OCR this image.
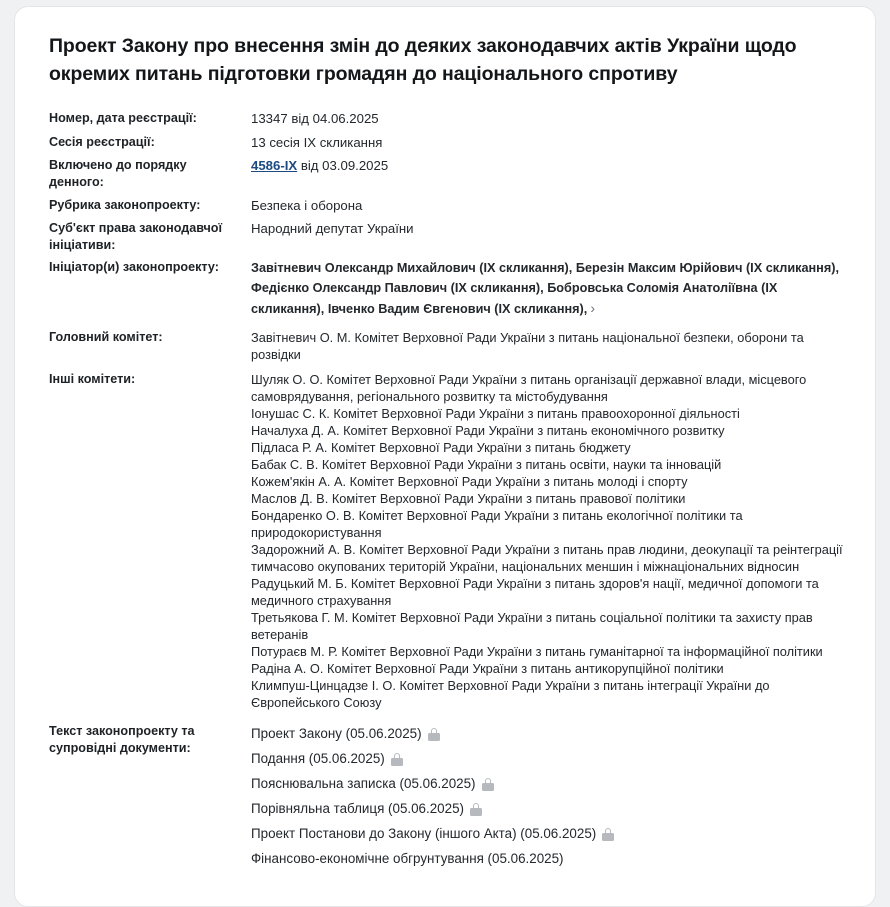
Проект Закону про внесення змін до деяких законодавчих актів України щодо окремих питань підготовки громадян до національного спротиву
Номер, дата реєстрації:	13347 від 04.06.2025
Сесія реєстрації:	13 сесія IX скликання
Включено до порядку денного:
4586-IX від 03.09.2025
Рубрика законопроекту:	Безпека і оборона
Суб'єкт права законодавчої ініціативи:
Народний депутат України
Ініціатор(и) законопроекту:	Завітневич Олександр Михайлович (IX скликання), Березін Максим Юрійович (IX скликання), Федієнко Олександр Павлович (IX скликання), Бобровська Соломія Анатоліївна (IX скликання), Івченко Вадим Євгенович (IX скликання), ›
Головний комітет:	Завітневич О. М. Комітет Верховної Ради України з питань національної безпеки, оборони та розвідки
Інші комітети:	Шуляк О. О. Комітет Верховної Ради України з питань організації державної влади, місцевого самоврядування, регіонального розвитку та містобудування
Іонушас С. К. Комітет Верховної Ради України з питань правоохоронної діяльності
Началуха Д. А. Комітет Верховної Ради України з питань економічного розвитку
Підласа Р. А. Комітет Верховної Ради України з питань бюджету
Бабак С. В. Комітет Верховної Ради України з питань освіти, науки та інновацій
Кожем'якін А. А. Комітет Верховної Ради України з питань молоді і спорту
Маслов Д. В. Комітет Верховної Ради України з питань правової політики
Бондаренко О. В. Комітет Верховної Ради України з питань екологічної політики та природокористування
Задорожний А. В. Комітет Верховної Ради України з питань прав людини, деокупації та реінтеграції тимчасово окупованих територій України, національних меншин і міжнаціональних відносин
Радуцький М. Б. Комітет Верховної Ради України з питань здоров'я нації, медичної допомоги та медичного страхування
Третьякова Г. М. Комітет Верховної Ради України з питань соціальної політики та захисту прав ветеранів
Потураєв М. Р. Комітет Верховної Ради України з питань гуманітарної та інформаційної політики
Радіна А. О. Комітет Верховної Ради України з питань антикорупційної політики
Климпуш-Цинцадзе І. О. Комітет Верховної Ради України з питань інтеграції України до Європейського Союзу
Текст законопроекту та супровідні документи:
Проект Закону (05.06.2025)
Подання (05.06.2025)
Пояснювальна записка (05.06.2025)
Порівняльна таблиця (05.06.2025)
Проект Постанови до Закону (іншого Акта) (05.06.2025)
Фінансово-економічне обгрунтування (05.06.2025)
